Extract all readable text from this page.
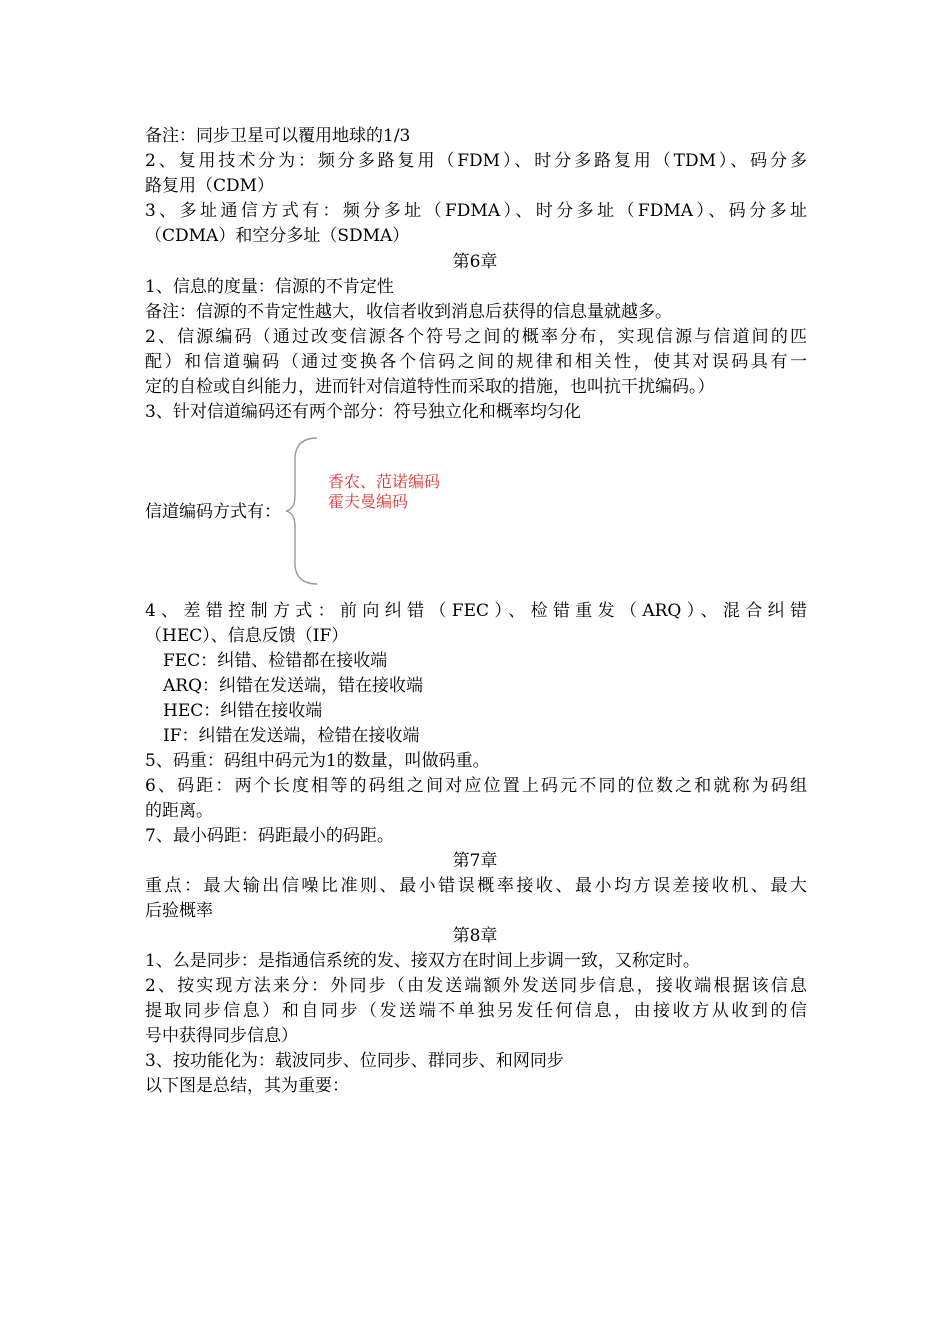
备注：同步卫星可以覆用地球的1/3

2、复用技术分为：频分多路复用（FDM）、时分多路复用（TDM）、码分多

路复用（CDM）

3、多址通信方式有：频分多址（FDMA）、时分多址（FDMA）、码分多址

（CDMA）和空分多址（SDMA）

第6章

1、信息的度量：信源的不肯定性

备注：信源的不肯定性越大，收信者收到消息后获得的信息量就越多。

2、信源编码（通过改变信源各个符号之间的概率分布，实现信源与信道间的匹

配）和信道骗码（通过变换各个信码之间的规律和相关性，使其对误码具有一

定的自检或自纠能力，进而针对信道特性而采取的措施，也叫抗干扰编码。）

3、针对信道编码还有两个部分：符号独立化和概率均匀化

信道编码方式有：

香农、范诺编码

霍夫曼编码

4、差错控制方式：前向纠错（FEC）、检错重发（ARQ）、混合纠错

（HEC）、信息反馈（IF）

FEC：纠错、检错都在接收端

ARQ：纠错在发送端，错在接收端

HEC：纠错在接收端

IF：纠错在发送端，检错在接收端

5、码重：码组中码元为1的数量，叫做码重。

6、码距：两个长度相等的码组之间对应位置上码元不同的位数之和就称为码组

的距离。

7、最小码距：码距最小的码距。

第7章

重点：最大输出信噪比准则、最小错误概率接收、最小均方误差接收机、最大

后验概率

第8章

1、么是同步：是指通信系统的发、接双方在时间上步调一致，又称定时。

2、按实现方法来分：外同步（由发送端额外发送同步信息，接收端根据该信息

提取同步信息）和自同步（发送端不单独另发任何信息，由接收方从收到的信

号中获得同步信息）

3、按功能化为：载波同步、位同步、群同步、和网同步

以下图是总结，其为重要：
